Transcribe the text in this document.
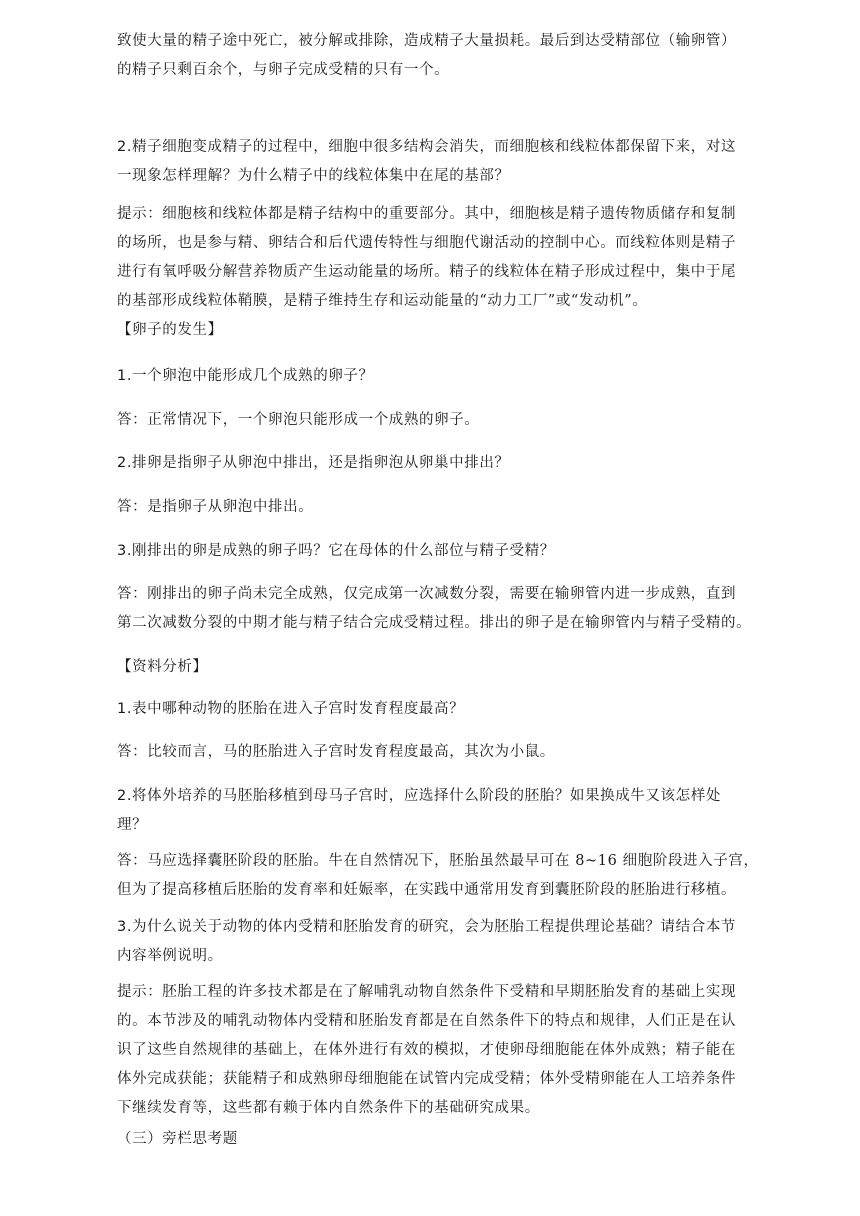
致使大量的精子途中死亡，被分解或排除，造成精子大量损耗。最后到达受精部位（输卵管）
的精子只剩百余个，与卵子完成受精的只有一个。

2.精子细胞变成精子的过程中，细胞中很多结构会消失，而细胞核和线粒体都保留下来，对这
一现象怎样理解？为什么精子中的线粒体集中在尾的基部？

提示：细胞核和线粒体都是精子结构中的重要部分。其中，细胞核是精子遗传物质储存和复制
的场所，也是参与精、卵结合和后代遗传特性与细胞代谢活动的控制中心。而线粒体则是精子
进行有氧呼吸分解营养物质产生运动能量的场所。精子的线粒体在精子形成过程中，集中于尾
的基部形成线粒体鞘膜，是精子维持生存和运动能量的“动力工厂”或“发动机”。

【卵子的发生】

1.一个卵泡中能形成几个成熟的卵子？

答：正常情况下，一个卵泡只能形成一个成熟的卵子。

2.排卵是指卵子从卵泡中排出，还是指卵泡从卵巢中排出？

答：是指卵子从卵泡中排出。

3.刚排出的卵是成熟的卵子吗？它在母体的什么部位与精子受精？

答：刚排出的卵子尚未完全成熟，仅完成第一次减数分裂，需要在输卵管内进一步成熟，直到
第二次减数分裂的中期才能与精子结合完成受精过程。排出的卵子是在输卵管内与精子受精的。

【资料分析】

1.表中哪种动物的胚胎在进入子宫时发育程度最高？

答：比较而言，马的胚胎进入子宫时发育程度最高，其次为小鼠。

2.将体外培养的马胚胎移植到母马子宫时，应选择什么阶段的胚胎？如果换成牛又该怎样处
理？

答：马应选择囊胚阶段的胚胎。牛在自然情况下，胚胎虽然最早可在 8~16 细胞阶段进入子宫，
但为了提高移植后胚胎的发育率和妊娠率，在实践中通常用发育到囊胚阶段的胚胎进行移植。

3.为什么说关于动物的体内受精和胚胎发育的研究，会为胚胎工程提供理论基础？请结合本节
内容举例说明。

提示：胚胎工程的许多技术都是在了解哺乳动物自然条件下受精和早期胚胎发育的基础上实现
的。本节涉及的哺乳动物体内受精和胚胎发育都是在自然条件下的特点和规律，人们正是在认
识了这些自然规律的基础上，在体外进行有效的模拟，才使卵母细胞能在体外成熟；精子能在
体外完成获能；获能精子和成熟卵母细胞能在试管内完成受精；体外受精卵能在人工培养条件
下继续发育等，这些都有赖于体内自然条件下的基础研究成果。

（三）旁栏思考题
